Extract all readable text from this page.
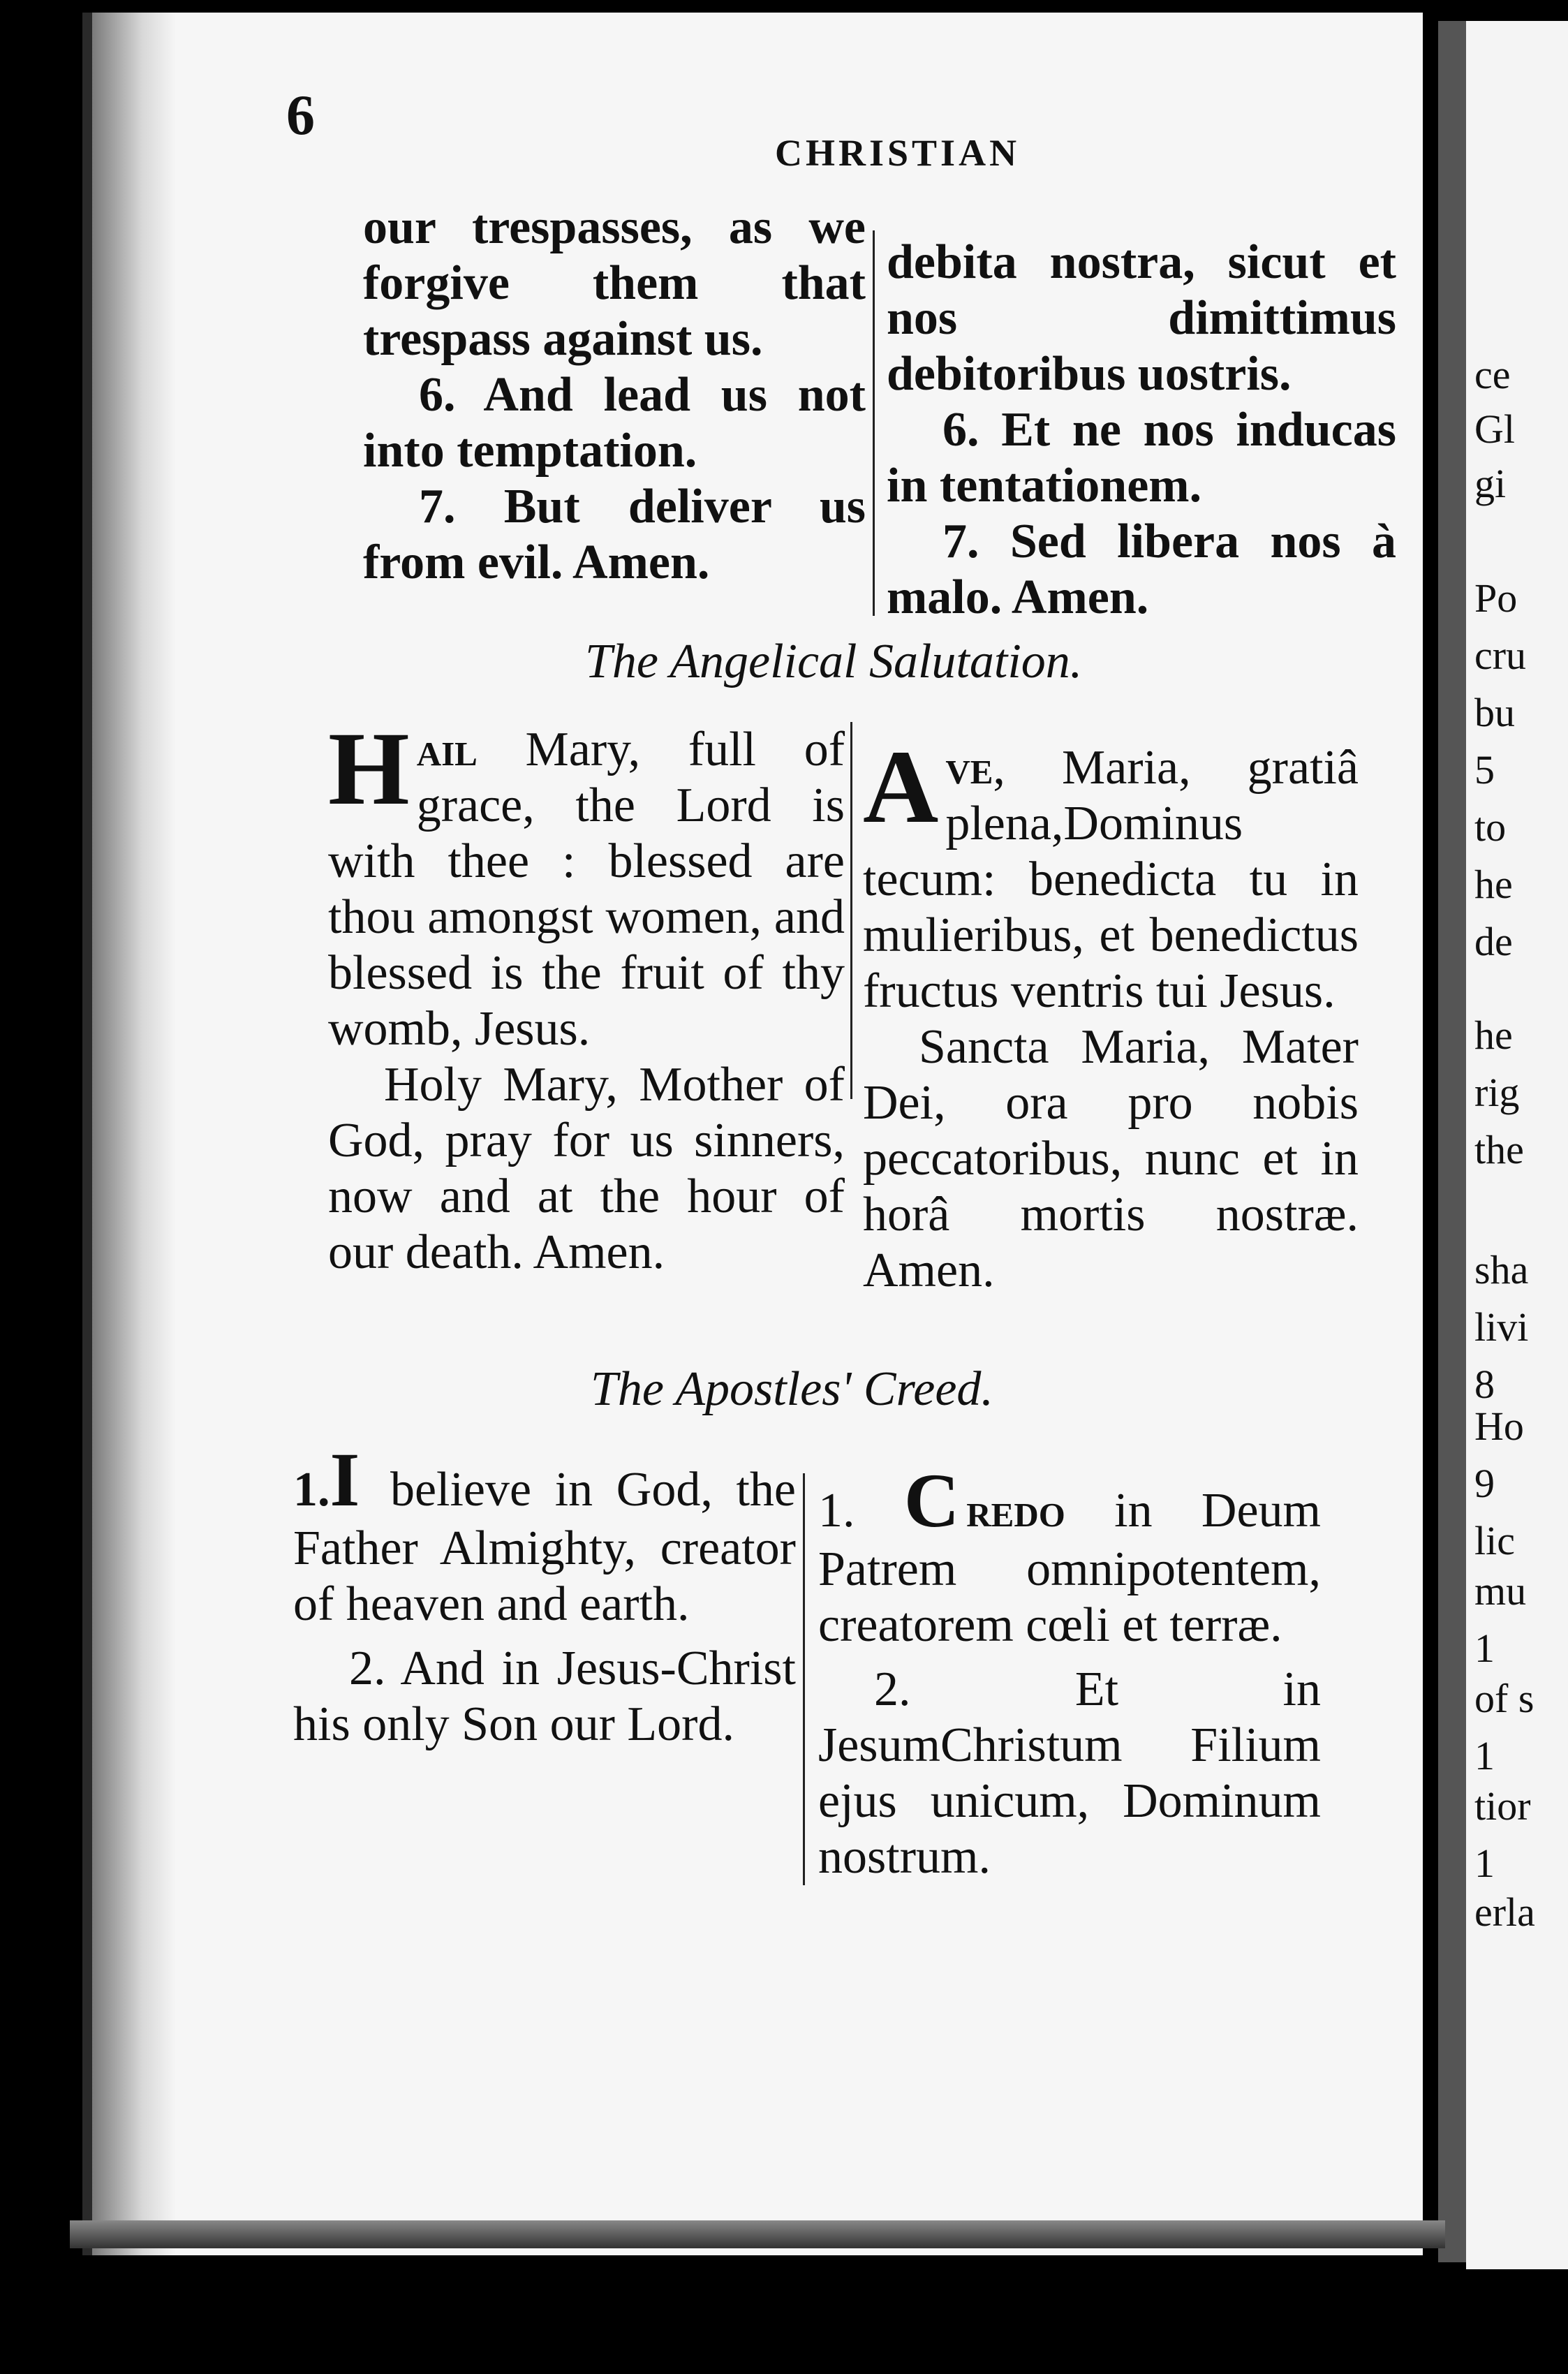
ce
Gl
gi
Po
cru
bu
5
to
he
de
he
rig
the
sha
livi
8
Ho
9
lic
mu
1
of s
1
tior
1
erla
6
CHRISTIAN

our trespasses, as we forgive them that trespass against us.

6. And lead us not into temptation.

7. But deliver us from evil. Amen.

debita nostra, sicut et nos dimittimus debitoribus uostris.

6. Et ne nos inducas in tentationem.

7. Sed libera nos à malo. Amen.

The Angelical Salutation.

Hail Mary, full of grace, the Lord is with thee : blessed are thou amongst women, and blessed is the fruit of thy womb, Jesus.

Holy Mary, Mother of God, pray for us sinners, now and at the hour of our death. Amen.

Ave, Maria, gratiâ plena,Dominus tecum: benedicta tu in mulieribus, et benedictus fructus ventris tui Jesus.

Sancta Maria, Mater Dei, ora pro nobis peccatoribus, nunc et in horâ mortis nostræ. Amen.

The Apostles' Creed.

1.I believe in God, the Father Almighty, creator of heaven and earth.

2. And in Jesus-Christ his only Son our Lord.

1. C redo in Deum Patrem omnipotentem, creatorem cœli et terræ.

2. Et in JesumChristum Filium ejus unicum, Dominum nostrum.
